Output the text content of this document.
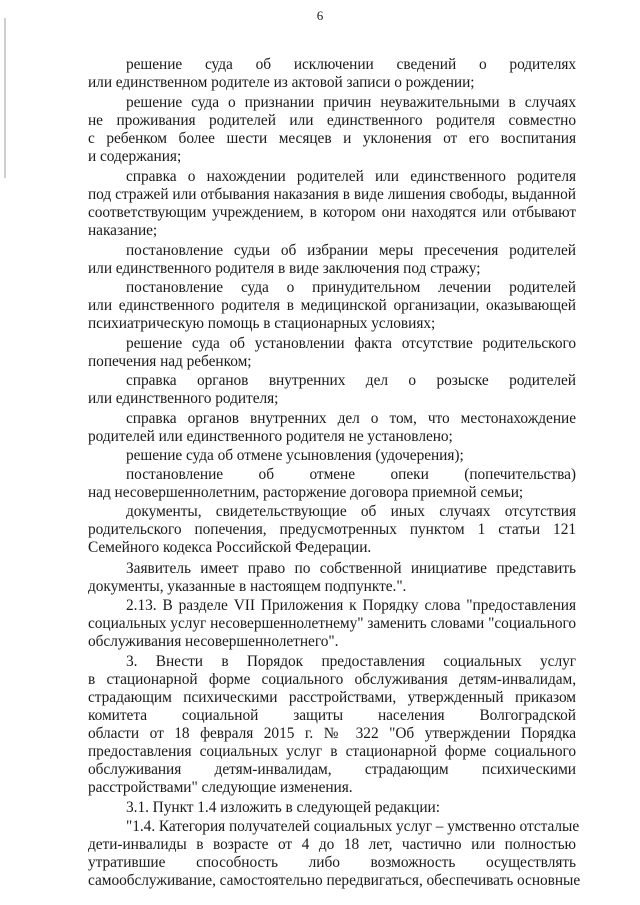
6
решение суда об исключении сведений о родителях
или единственном родителе из актовой записи о рождении;
решение суда о признании причин неуважительными в случаях
не проживания родителей или единственного родителя совместно
с ребенком более шести месяцев и уклонения от его воспитания
и содержания;
справка о нахождении родителей или единственного родителя
под стражей или отбывания наказания в виде лишения свободы, выданной
соответствующим учреждением, в котором они находятся или отбывают
наказание;
постановление судьи об избрании меры пресечения родителей
или единственного родителя в виде заключения под стражу;
постановление суда о принудительном лечении родителей
или единственного родителя в медицинской организации, оказывающей
психиатрическую помощь в стационарных условиях;
решение суда об установлении факта отсутствие родительского
попечения над ребенком;
справка органов внутренних дел о розыске родителей
или единственного родителя;
справка органов внутренних дел о том, что местонахождение
родителей или единственного родителя не установлено;
решение суда об отмене усыновления (удочерения);
постановление об отмене опеки (попечительства)
над несовершеннолетним, расторжение договора приемной семьи;
документы, свидетельствующие об иных случаях отсутствия
родительского попечения, предусмотренных пунктом 1 статьи 121
Семейного кодекса Российской Федерации.
Заявитель имеет право по собственной инициативе представить
документы, указанные в настоящем подпункте.".
2.13. В разделе VII Приложения к Порядку слова "предоставления
социальных услуг несовершеннолетнему" заменить словами "социального
обслуживания несовершеннолетнего".
3. Внести в Порядок предоставления социальных услуг
в стационарной форме социального обслуживания детям-инвалидам,
страдающим психическими расстройствами, утвержденный приказом
комитета социальной защиты населения Волгоградской
области от 18 февраля 2015 г. № 322 "Об утверждении Порядка
предоставления социальных услуг в стационарной форме социального
обслуживания детям-инвалидам, страдающим психическими
расстройствами" следующие изменения.
3.1. Пункт 1.4 изложить в следующей редакции:
"1.4. Категория получателей социальных услуг – умственно отсталые
дети-инвалиды в возрасте от 4 до 18 лет, частично или полностью
утратившие способность либо возможность осуществлять
самообслуживание, самостоятельно передвигаться, обеспечивать основные
